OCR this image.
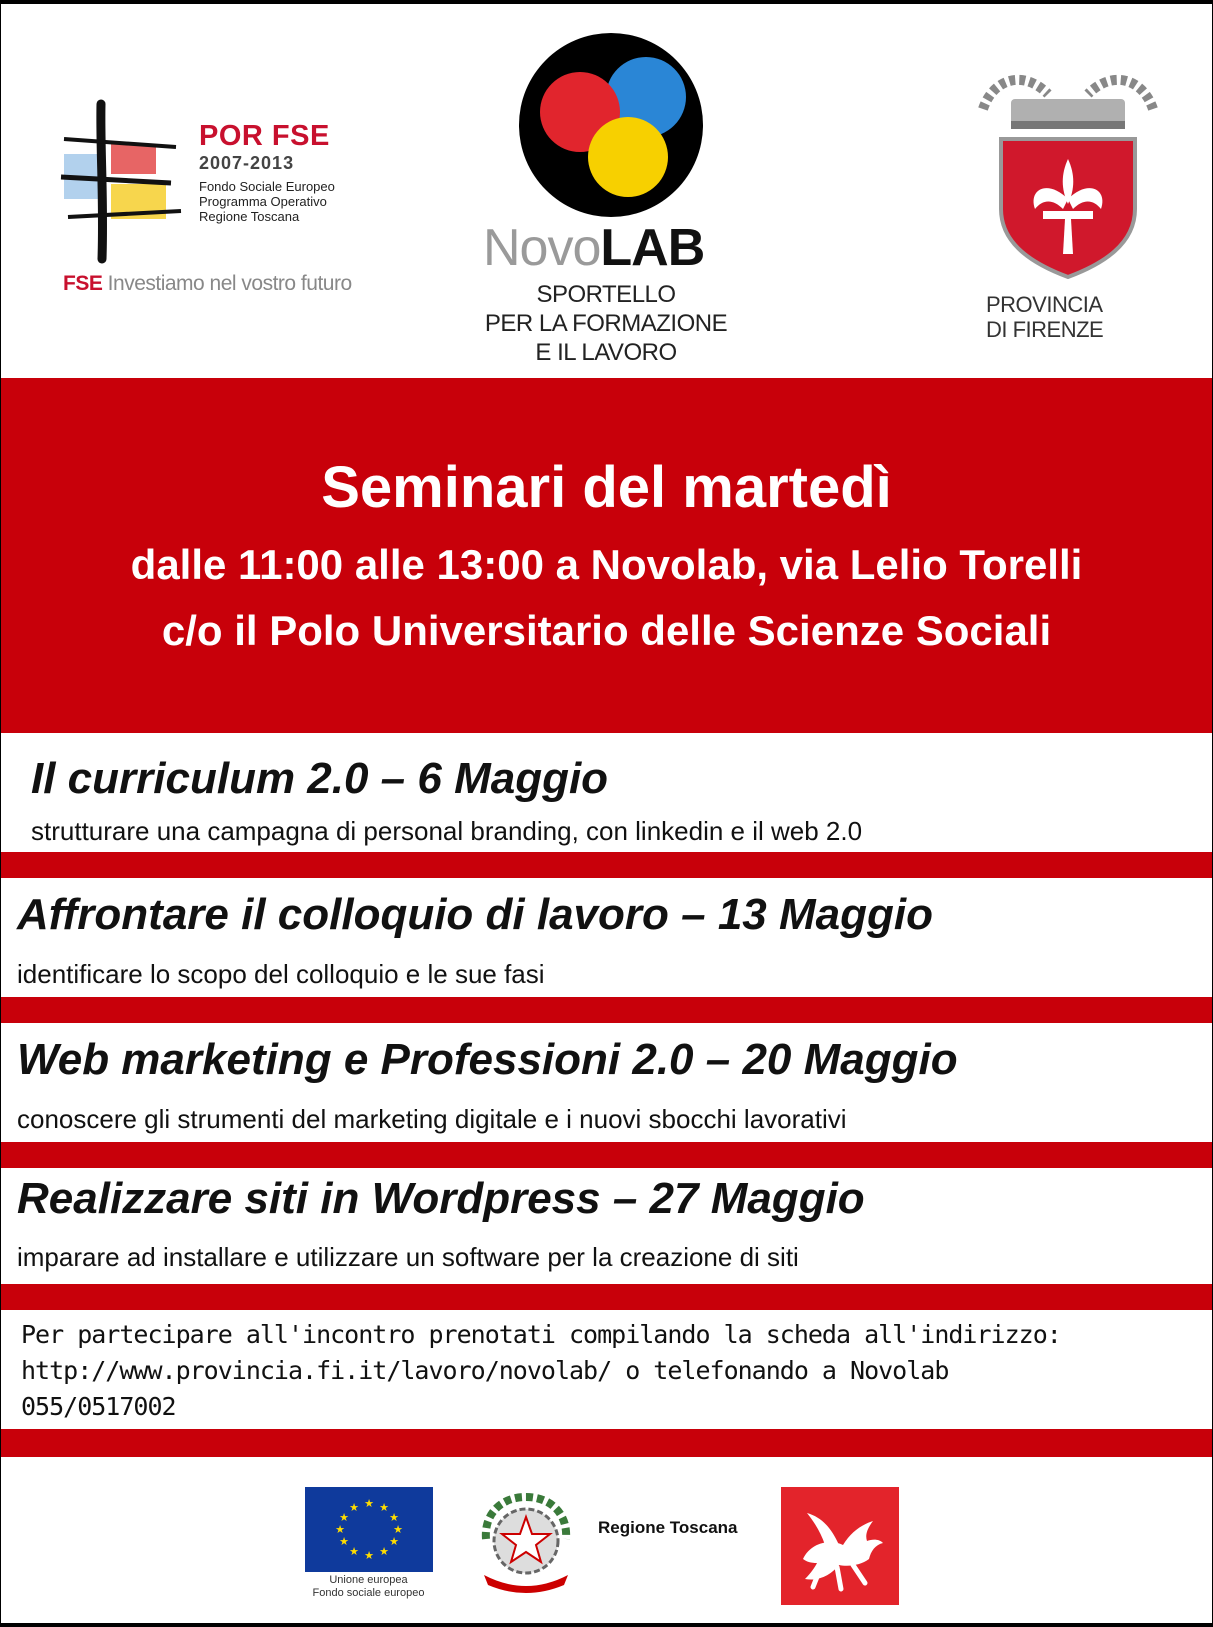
POR FSE
2007-2013
Fondo Sociale Europeo
Programma Operativo
Regione Toscana
FSE Investiamo nel vostro futuro
NovoLAB
SPORTELLO
PER LA FORMAZIONE
E IL LAVORO
PROVINCIA
DI FIRENZE
Seminari del martedì
dalle 11:00 alle 13:00 a Novolab, via Lelio Torelli
c/o il Polo Universitario delle Scienze Sociali
Il curriculum 2.0 – 6 Maggio
strutturare una campagna di personal branding, con linkedin e il web 2.0
Affrontare il colloquio di lavoro – 13 Maggio
identificare lo scopo del colloquio e le sue fasi
Web marketing e Professioni 2.0 – 20 Maggio
conoscere gli strumenti del marketing digitale e i nuovi sbocchi lavorativi
Realizzare siti in Wordpress – 27 Maggio
imparare ad installare e utilizzare un software per la creazione di siti
Per partecipare all'incontro prenotati compilando la scheda all'indirizzo:
http://www.provincia.fi.it/lavoro/novolab/ o telefonando a Novolab
055/0517002
★ ★
★
★
★
★
★
★
★
★
★
★
Unione europea
Fondo sociale europeo
Regione Toscana
